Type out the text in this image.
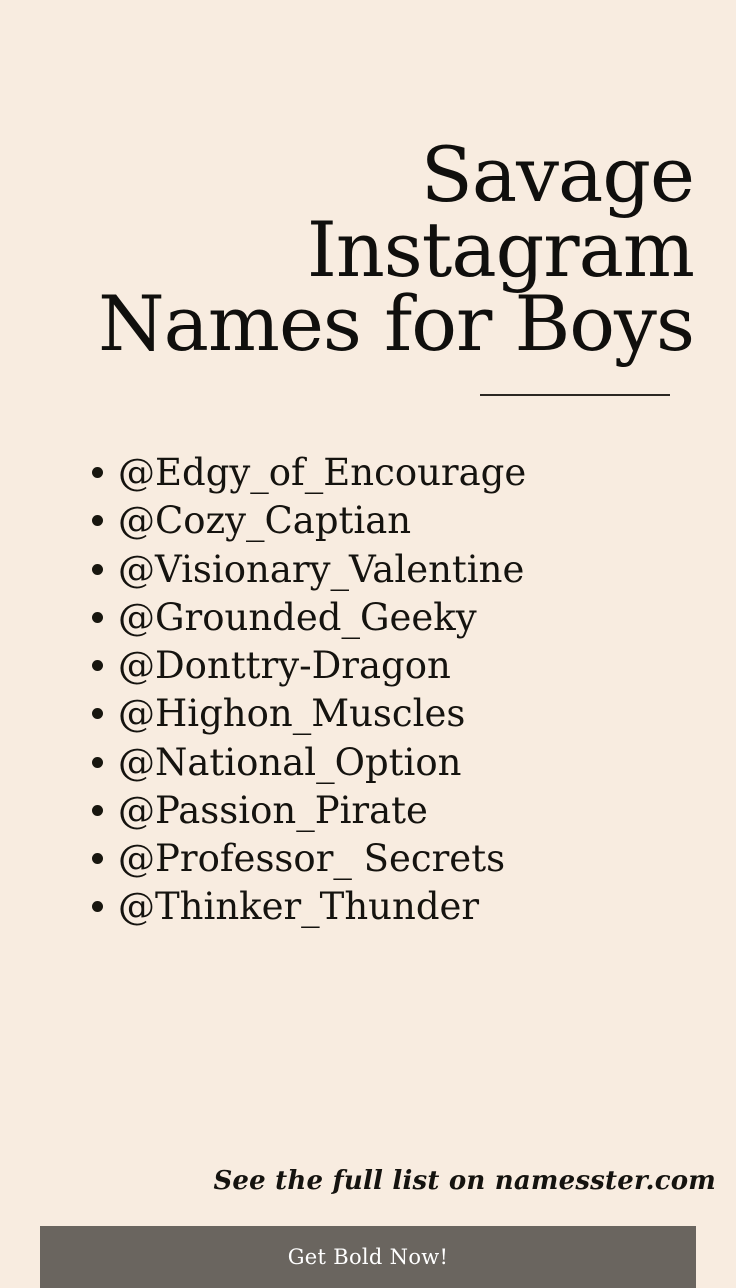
Savage
Instagram
Names for Boys
@Edgy_of_Encourage
@Cozy_Captian
@Visionary_Valentine
@Grounded_Geeky
@Donttry-Dragon
@Highon_Muscles
@National_Option
@Passion_Pirate
@Professor_ Secrets
@Thinker_Thunder
See the full list on namesster.com
Get Bold Now!
